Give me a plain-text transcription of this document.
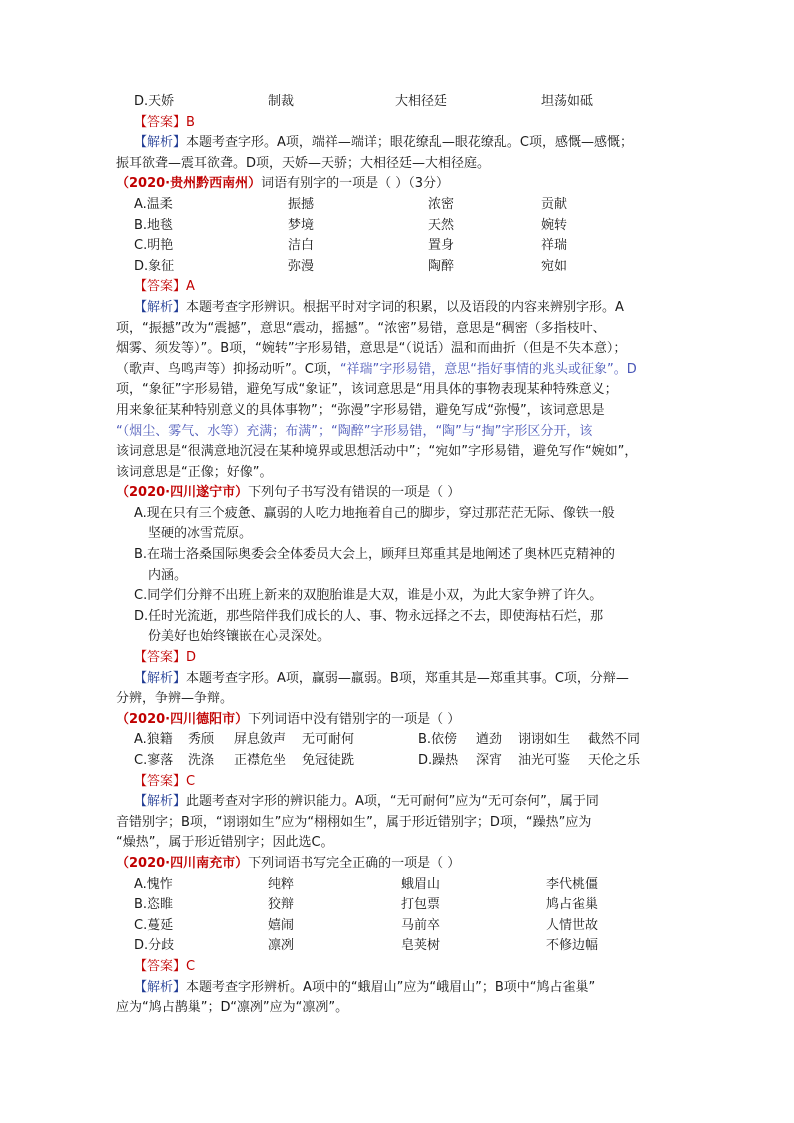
D.天娇	制裁	大相径廷	坦荡如砥
【答案】B
【解析】本题考查字形。A项，端祥—端详；眼花缭乱—眼花缭乱。C项，感慨—感慨；
振耳欲聋—震耳欲聋。D项，天娇—天骄；大相径廷—大相径庭。
（2020·贵州黔西南州）词语有别字的一项是（ ）（3分）
A.温柔	振撼	浓密	贡献
B.地毯	梦境	天然	婉转
C.明艳	洁白	置身	祥瑞
D.象征	弥漫	陶醉	宛如
【答案】A
【解析】本题考查字形辨识。根据平时对字词的积累，以及语段的内容来辨别字形。A
项，“振撼”改为“震撼”，意思“震动，摇撼”。“浓密”易错，意思是“稠密（多指枝叶、
烟雾、须发等）”。B项，“婉转”字形易错，意思是“（说话）温和而曲折（但是不失本意）；
（歌声、鸟鸣声等）抑扬动听”。C项，“祥瑞”字形易错，意思“指好事情的兆头或征象”。D
项，“象征”字形易错，避免写成“象证”，该词意思是“用具体的事物表现某种特殊意义；
用来象征某种特别意义的具体事物”；“弥漫”字形易错，避免写成“弥慢”，该词意思是
“（烟尘、雾气、水等）充满；布满”；“陶醉”字形易错，“陶”与“掏”字形区分开，该
该词意思是“很满意地沉浸在某种境界或思想活动中”；“宛如”字形易错，避免写作“婉如”，
该词意思是“正像；好像”。
（2020·四川遂宁市）下列句子书写没有错误的一项是（ ）
A.现在只有三个疲惫、赢弱的人吃力地拖着自己的脚步，穿过那茫茫无际、像铁一般
坚硬的冰雪荒原。
B.在瑞士洛桑国际奥委会全体委员大会上，顾拜旦郑重其是地阐述了奥林匹克精神的
内涵。
C.同学们分辩不出班上新来的双胞胎谁是大双，谁是小双，为此大家争辨了许久。
D.任时光流逝，那些陪伴我们成长的人、事、物永远择之不去，即使海枯石烂，那
份美好也始终镶嵌在心灵深处。
【答案】D
【解析】本题考查字形。A项，赢弱—羸弱。B项，郑重其是—郑重其事。C项，分辩—
分辨，争辨—争辩。
（2020·四川德阳市）下列词语中没有错别字的一项是（ ）
A.狼籍 秀颀 屏息敛声 无可耐何	B.依傍 遒劲 诩诩如生 截然不同
C.寥落 洗涤 正襟危坐 免冠徒跣	D.躁热 深宵 油光可鉴 天伦之乐
【答案】C
【解析】此题考查对字形的辨识能力。A项，“无可耐何”应为“无可奈何”，属于同
音错别字；B项，“诩诩如生”应为“栩栩如生”，属于形近错别字；D项，“躁热”应为
“燥热”，属于形近错别字；因此选C。
（2020·四川南充市）下列词语书写完全正确的一项是（ ）
A.愧怍	纯粹	蛾眉山	李代桃僵
B.恣睢	狡辩	打包票	鸠占雀巢
C.蔓延	嬉闹	马前卒	人情世故
D.分歧	凛冽	皂荚树	不修边幅
【答案】C
【解析】本题考查字形辨析。A项中的“蛾眉山”应为“峨眉山”；B项中“鸠占雀巢”
应为“鸠占鹊巢”；D“凛冽”应为“凛冽”。
